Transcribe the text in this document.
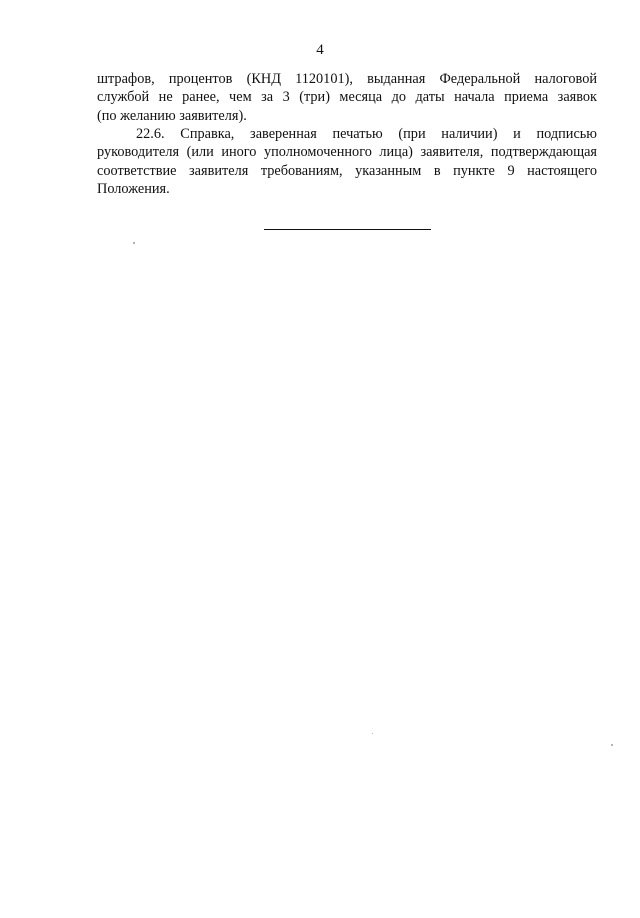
4
штрафов, процентов (КНД 1120101), выданная Федеральной налоговой
службой не ранее, чем за 3 (три) месяца до даты начала приема заявок
(по желанию заявителя).
22.6. Справка, заверенная печатью (при наличии) и подписью
руководителя (или иного уполномоченного лица) заявителя, подтверждающая
соответствие заявителя требованиям, указанным в пункте 9 настоящего
Положения.
